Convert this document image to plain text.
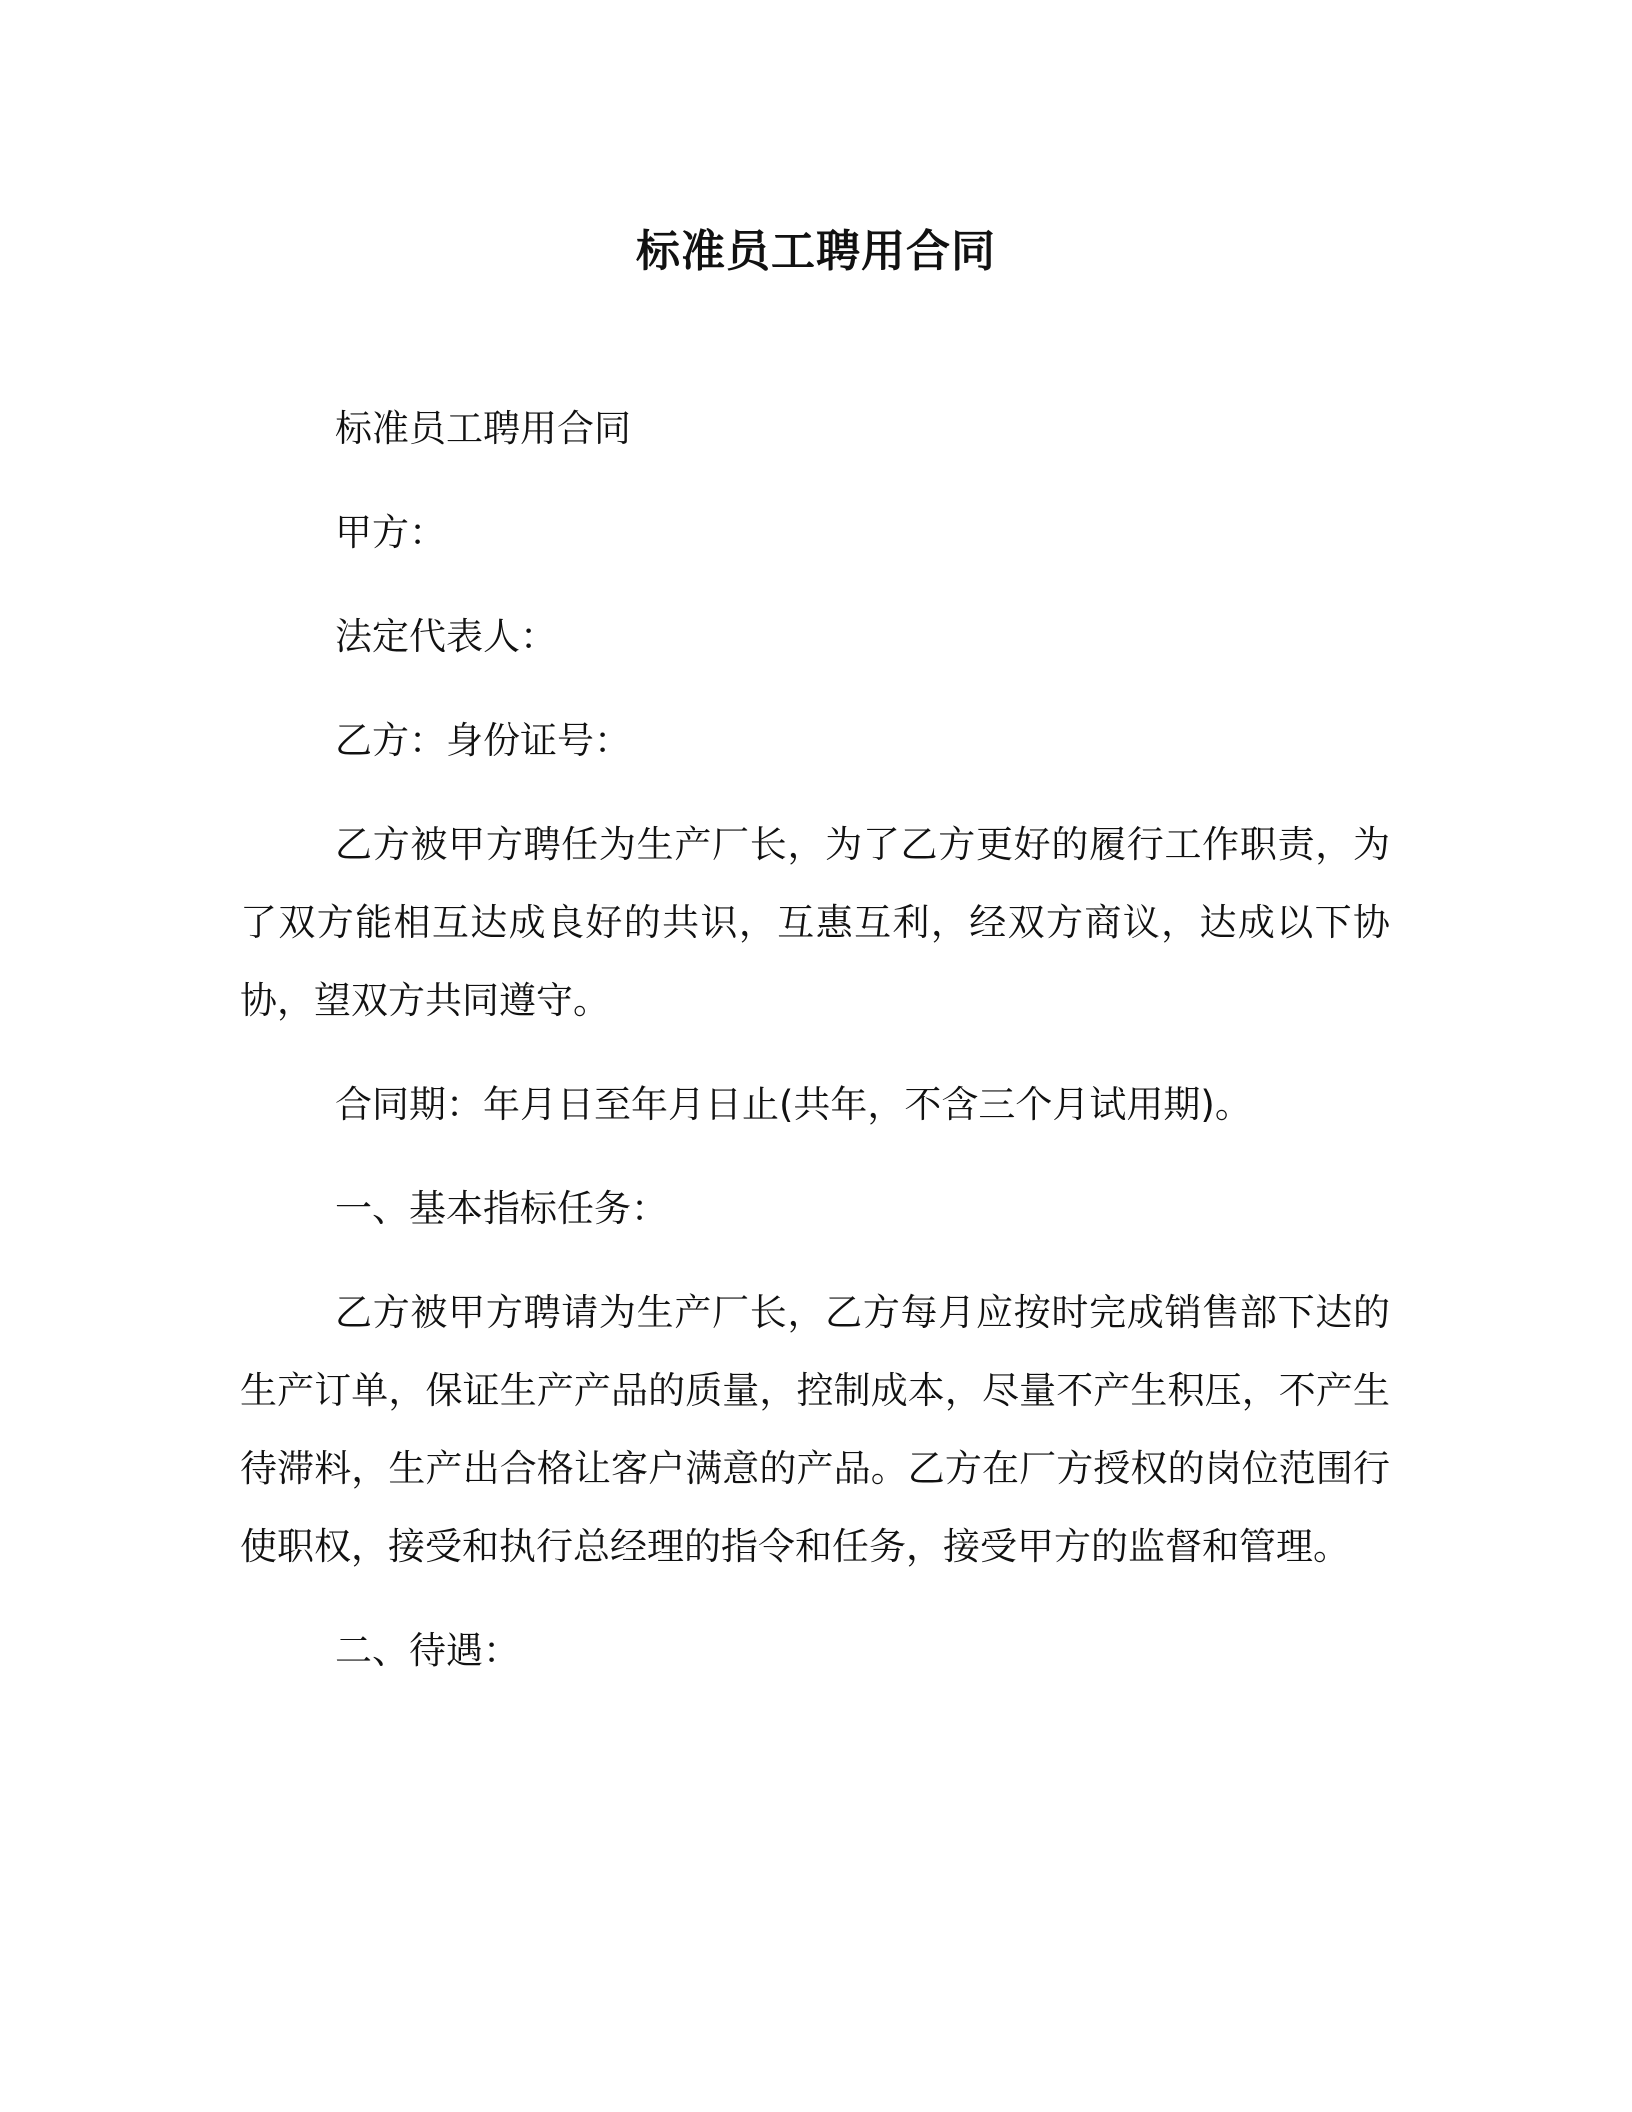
标准员工聘用合同

标准员工聘用合同

甲方：

法定代表人：

乙方：身份证号：

乙方被甲方聘任为生产厂长，为了乙方更好的履行工作职责，为了双方能相互达成良好的共识，互惠互利，经双方商议，达成以下协协，望双方共同遵守。

合同期：年月日至年月日止(共年，不含三个月试用期)。

一、基本指标任务：

乙方被甲方聘请为生产厂长，乙方每月应按时完成销售部下达的生产订单，保证生产产品的质量，控制成本，尽量不产生积压，不产生待滞料，生产出合格让客户满意的产品。乙方在厂方授权的岗位范围行使职权，接受和执行总经理的指令和任务，接受甲方的监督和管理。

二、待遇：
